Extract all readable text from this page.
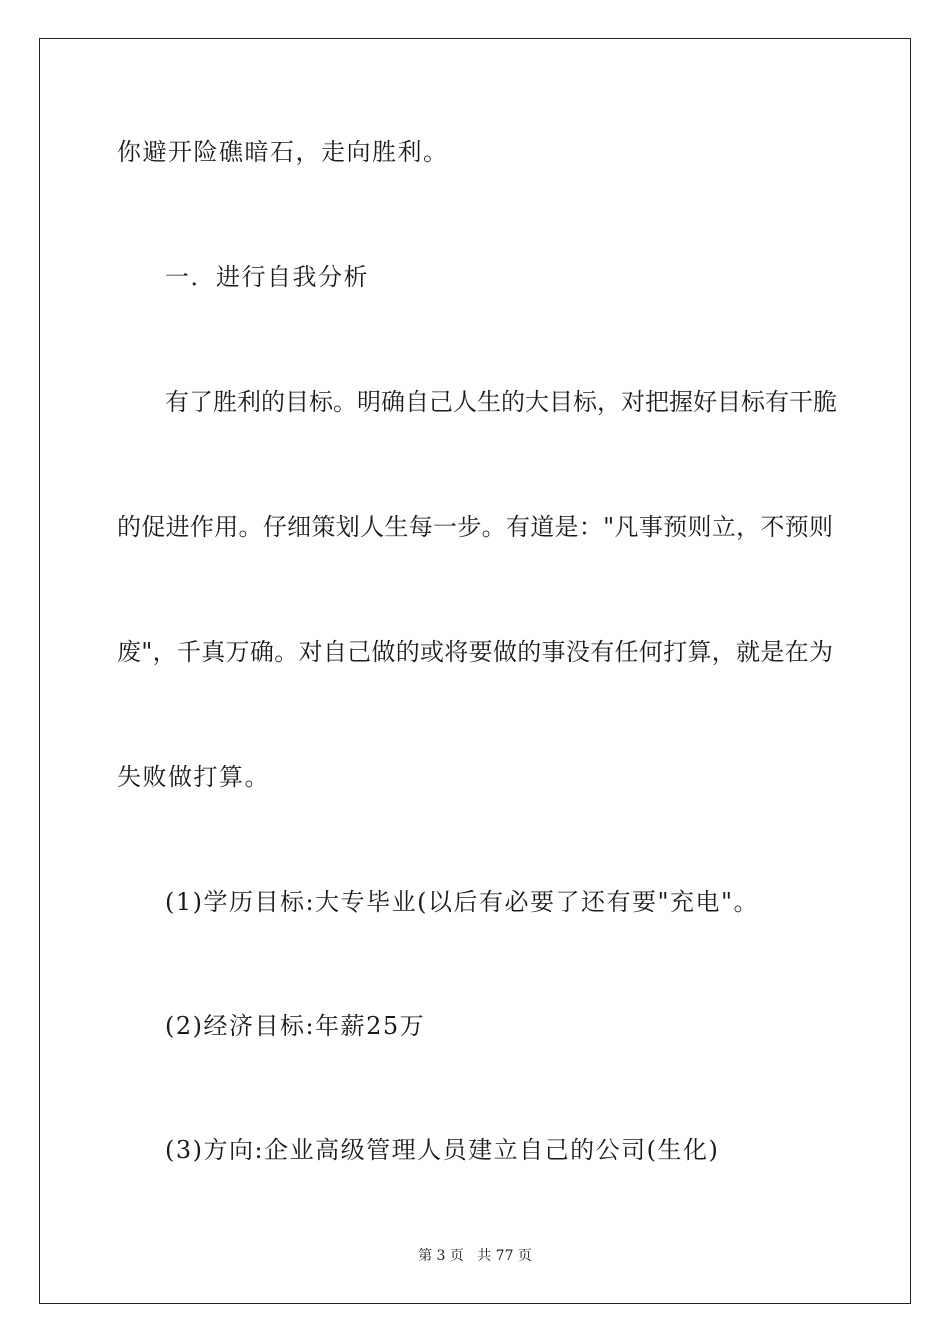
你避开险礁暗石，走向胜利。
一．进行自我分析
有了胜利的目标。明确自己人生的大目标，对把握好目标有干脆
的促进作用。仔细策划人生每一步。有道是："凡事预则立，不预则
废"，千真万确。对自己做的或将要做的事没有任何打算，就是在为
失败做打算。
(1)学历目标:大专毕业(以后有必要了还有要"充电"。
(2)经济目标:年薪25万
(3)方向:企业高级管理人员建立自己的公司(生化)
第 3 页   共 77 页
